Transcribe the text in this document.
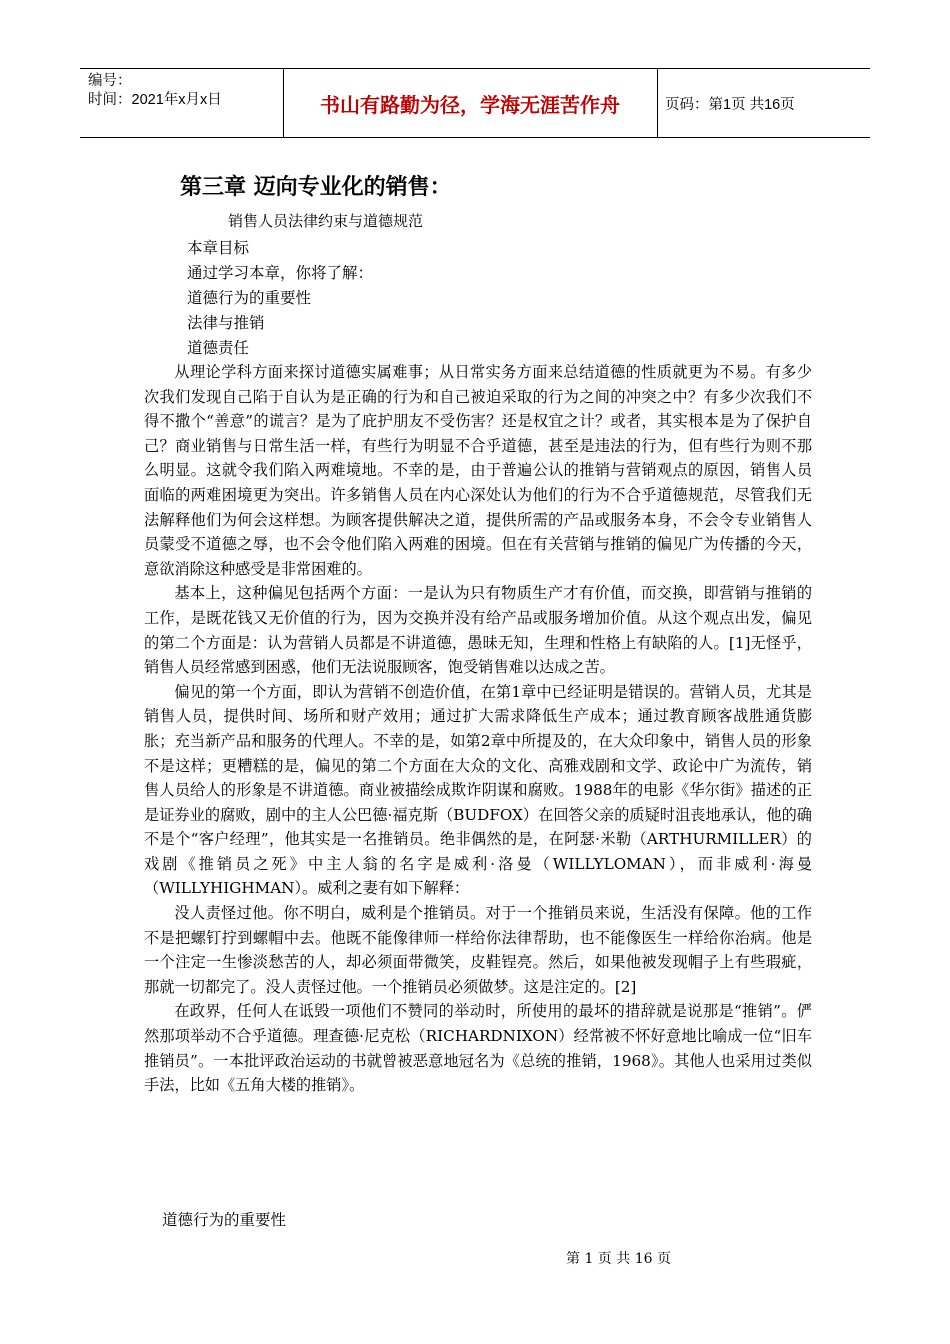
编号：
时间：2021年x月x日	书山有路勤为径，学海无涯苦作舟	页码：第1页 共16页
第三章 迈向专业化的销售：
销售人员法律约束与道德规范
本章目标
通过学习本章，你将了解：
道德行为的重要性
法律与推销
道德责任

从理论学科方面来探讨道德实属难事；从日常实务方面来总结道德的性质就更为不易。有多少次我们发现自己陷于自认为是正确的行为和自己被迫采取的行为之间的冲突之中？有多少次我们不得不撒个“善意”的谎言？是为了庇护朋友不受伤害？还是权宜之计？或者，其实根本是为了保护自己？商业销售与日常生活一样，有些行为明显不合乎道德，甚至是违法的行为，但有些行为则不那么明显。这就令我们陷入两难境地。不幸的是，由于普遍公认的推销与营销观点的原因，销售人员面临的两难困境更为突出。许多销售人员在内心深处认为他们的行为不合乎道德规范，尽管我们无法解释他们为何会这样想。为顾客提供解决之道，提供所需的产品或服务本身，不会令专业销售人员蒙受不道德之辱，也不会令他们陷入两难的困境。但在有关营销与推销的偏见广为传播的今天，意欲消除这种感受是非常困难的。

基本上，这种偏见包括两个方面：一是认为只有物质生产才有价值，而交换，即营销与推销的工作，是既花钱又无价值的行为，因为交换并没有给产品或服务增加价值。从这个观点出发，偏见的第二个方面是：认为营销人员都是不讲道德，愚昧无知，生理和性格上有缺陷的人。[1]无怪乎，销售人员经常感到困惑，他们无法说服顾客，饱受销售难以达成之苦。

偏见的第一个方面，即认为营销不创造价值，在第1章中已经证明是错误的。营销人员，尤其是销售人员，提供时间、场所和财产效用；通过扩大需求降低生产成本；通过教育顾客战胜通货膨胀；充当新产品和服务的代理人。不幸的是，如第2章中所提及的，在大众印象中，销售人员的形象不是这样；更糟糕的是，偏见的第二个方面在大众的文化、高雅戏剧和文学、政论中广为流传，销售人员给人的形象是不讲道德。商业被描绘成欺诈阴谋和腐败。1988年的电影《华尔街》描述的正是证券业的腐败，剧中的主人公巴德·福克斯（BUDFOX）在回答父亲的质疑时沮丧地承认，他的确不是个“客户经理”，他其实是一名推销员。绝非偶然的是，在阿瑟·米勒（ARTHURMILLER）的戏剧《推销员之死》中主人翁的名字是威利·洛曼（WILLYLOMAN），而非威利·海曼（WILLYHIGHMAN）。威利之妻有如下解释：

没人责怪过他。你不明白，威利是个推销员。对于一个推销员来说，生活没有保障。他的工作不是把螺钉拧到螺帽中去。他既不能像律师一样给你法律帮助，也不能像医生一样给你治病。他是一个注定一生惨淡愁苦的人，却必须面带微笑，皮鞋锃亮。然后，如果他被发现帽子上有些瑕疵，那就一切都完了。没人责怪过他。一个推销员必须做梦。这是注定的。[2]

在政界，任何人在诋毁一项他们不赞同的举动时，所使用的最坏的措辞就是说那是“推销”。俨然那项举动不合乎道德。理查德·尼克松（RICHARDNIXON）经常被不怀好意地比喻成一位“旧车推销员”。一本批评政治运动的书就曾被恶意地冠名为《总统的推销，1968》。其他人也采用过类似手法，比如《五角大楼的推销》。

道德行为的重要性
第 1 页 共 16 页
